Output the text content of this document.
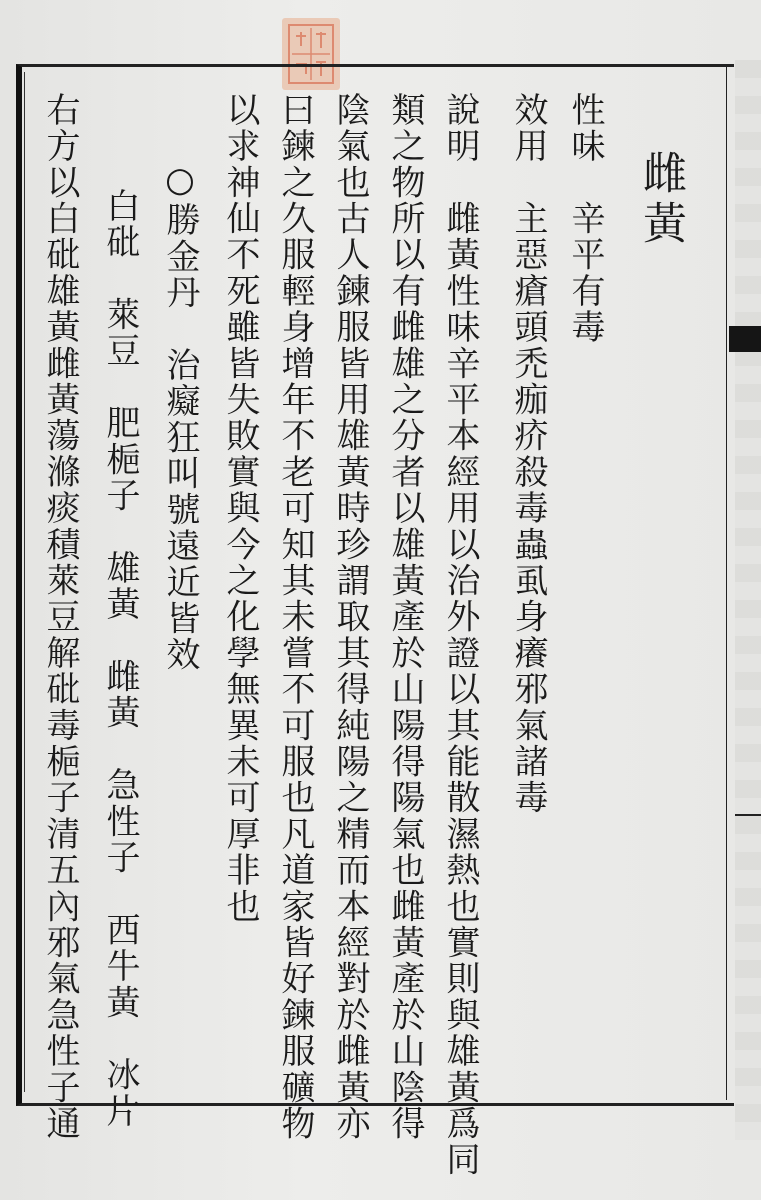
雌黃
性味　辛平有毒
效用　主惡瘡頭禿痂疥殺毒蟲虱身癢邪氣諸毒
說明　雌黃性味辛平本經用以治外證以其能散濕熱也實則與雄黃爲同
類之物所以有雌雄之分者以雄黃產於山陽得陽氣也雌黃產於山陰得
陰氣也古人鍊服皆用雄黃時珍謂取其得純陽之精而本經對於雌黃亦
曰鍊之久服輕身增年不老可知其未嘗不可服也凡道家皆好鍊服礦物
以求神仙不死雖皆失敗實與今之化學無異未可厚非也
○勝金丹　治癡狂叫號遠近皆效
白砒　萊豆　肥梔子　雄黃　雌黃　急性子　西牛黃　冰片
右方以白砒雄黃雌黃蕩滌痰積萊豆解砒毒梔子清五內邪氣急性子通
